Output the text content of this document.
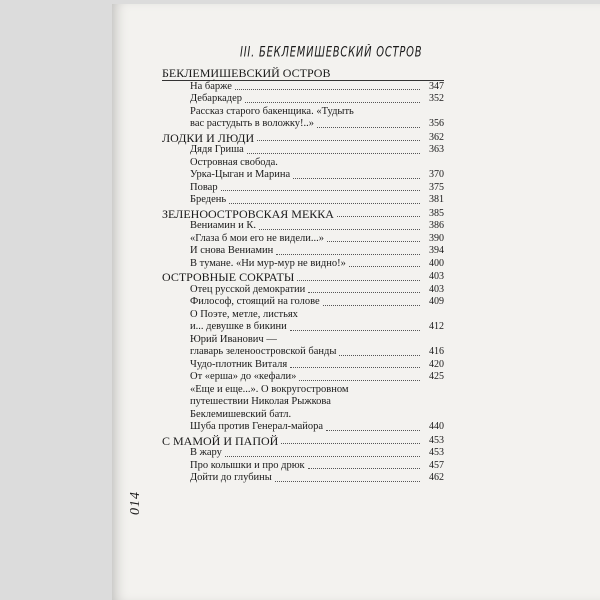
III. БЕКЛЕМИШЕВСКИЙ ОСТРОВ
014
БЕКЛЕМИШЕВСКИЙ ОСТРОВ
На ба́рже	347
Дебаркадер	352
Рассказ старого бакенщика. «Тудыть
вас растудыть в воложку!..»	356
ЛОДКИ И ЛЮДИ	362
Дядя Гриша	363
Островная свобода.
Урка-Цыган и Марина	370
Повар	375
Бредень	381
ЗЕЛЕНООСТРОВСКАЯ МЕККА	385
Вениамин и К.	386
«Глаза б мои его не видели...»	390
И снова Вениамин	394
В тумане. «Ни мур-мур не видно!»	400
ОСТРОВНЫЕ СОКРАТЫ	403
Отец русской демократии	403
Философ, стоящий на голове	409
О Поэте, метле, листьях
и... девушке в бикини	412
Юрий Иванович —
главарь зеленоостровской банды	416
Чудо-плотник Виталя	420
От «ерша» до «кефали»	425
«Еще и еще...». О вокругостровном
путешествии Николая Рыжкова
Беклемишевский батл.
Шуба против Генерал-майора	440
С МАМОЙ И ПАПОЙ	453
В жару	453
Про колышки и про дрюк	457
Дойти до глубины	462
